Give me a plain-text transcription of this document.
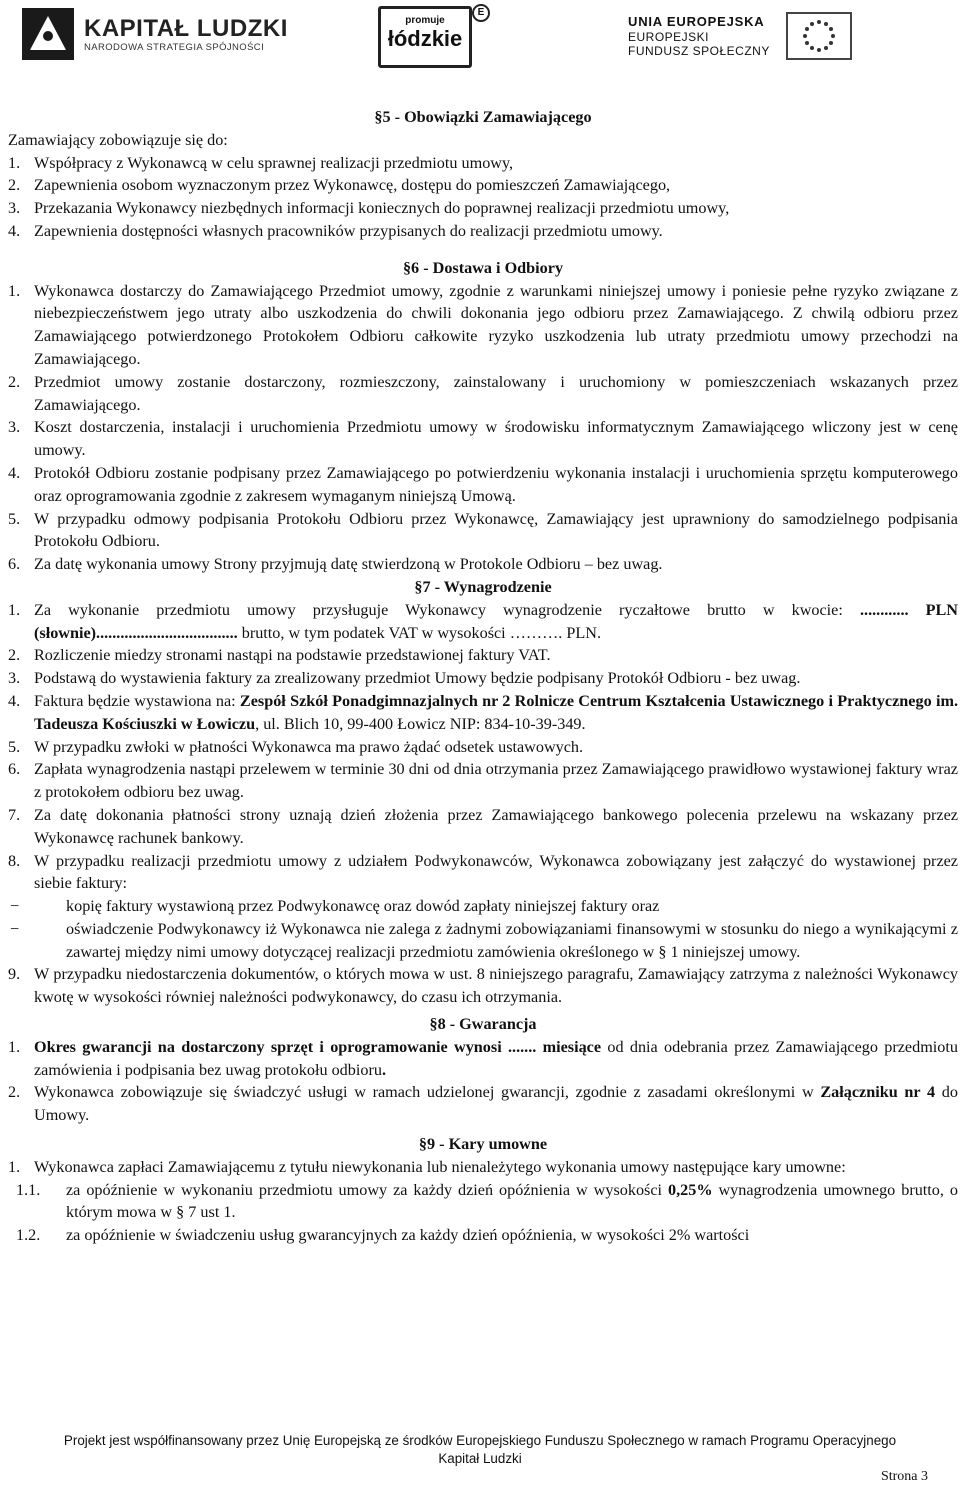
KAPITAŁ LUDZKI
NARODOWA STRATEGIA SPÓJNOŚCI
promuje
łódzkie
E
UNIA EUROPEJSKA
EUROPEJSKI
FUNDUSZ SPOŁECZNY
§5 - Obowiązki Zamawiającego

Zamawiający zobowiązuje się do:

1. Współpracy z Wykonawcą w celu sprawnej realizacji przedmiotu umowy,
2. Zapewnienia osobom wyznaczonym przez Wykonawcę, dostępu do pomieszczeń Zamawiającego,
3. Przekazania Wykonawcy niezbędnych informacji koniecznych do poprawnej realizacji przedmiotu umowy,
4. Zapewnienia dostępności własnych pracowników przypisanych do realizacji przedmiotu umowy.
§6 - Dostawa i Odbiory
1. Wykonawca dostarczy do Zamawiającego Przedmiot umowy, zgodnie z warunkami niniejszej umowy i poniesie pełne ryzyko związane z niebezpieczeństwem jego utraty albo uszkodzenia do chwili dokonania jego odbioru przez Zamawiającego. Z chwilą odbioru przez Zamawiającego potwierdzonego Protokołem Odbioru całkowite ryzyko uszkodzenia lub utraty przedmiotu umowy przechodzi na Zamawiającego.
2. Przedmiot umowy zostanie dostarczony, rozmieszczony, zainstalowany i uruchomiony w pomieszczeniach wskazanych przez Zamawiającego.
3. Koszt dostarczenia, instalacji i uruchomienia Przedmiotu umowy w środowisku informatycznym Zamawiającego wliczony jest w cenę umowy.
4. Protokół Odbioru zostanie podpisany przez Zamawiającego po potwierdzeniu wykonania instalacji i uruchomienia sprzętu komputerowego oraz oprogramowania zgodnie z zakresem wymaganym niniejszą Umową.
5. W przypadku odmowy podpisania Protokołu Odbioru przez Wykonawcę, Zamawiający jest uprawniony do samodzielnego podpisania Protokołu Odbioru.
6. Za datę wykonania umowy Strony przyjmują datę stwierdzoną w Protokole Odbioru – bez uwag.
§7 - Wynagrodzenie
1. Za wykonanie przedmiotu umowy przysługuje Wykonawcy wynagrodzenie ryczałtowe brutto w kwocie: ............ PLN (słownie)................................... brutto, w tym podatek VAT w wysokości ………. PLN.
2. Rozliczenie miedzy stronami nastąpi na podstawie przedstawionej faktury VAT.
3. Podstawą do wystawienia faktury za zrealizowany przedmiot Umowy będzie podpisany Protokół Odbioru - bez uwag.
4. Faktura będzie wystawiona na: Zespół Szkół Ponadgimnazjalnych nr 2 Rolnicze Centrum Kształcenia Ustawicznego i Praktycznego im. Tadeusza Kościuszki w Łowiczu, ul. Blich 10, 99-400 Łowicz NIP: 834-10-39-349.
5. W przypadku zwłoki w płatności Wykonawca ma prawo żądać odsetek ustawowych.
6. Zapłata wynagrodzenia nastąpi przelewem w terminie 30 dni od dnia otrzymania przez Zamawiającego prawidłowo wystawionej faktury wraz z protokołem odbioru bez uwag.
7. Za datę dokonania płatności strony uznają dzień złożenia przez Zamawiającego bankowego polecenia przelewu na wskazany przez Wykonawcę rachunek bankowy.
8. W przypadku realizacji przedmiotu umowy z udziałem Podwykonawców, Wykonawca zobowiązany jest załączyć do wystawionej przez siebie faktury:
−	kopię faktury wystawioną przez Podwykonawcę oraz dowód zapłaty niniejszej faktury oraz
−	oświadczenie Podwykonawcy iż Wykonawca nie zalega z żadnymi zobowiązaniami finansowymi w stosunku do niego a wynikającymi z zawartej między nimi umowy dotyczącej realizacji przedmiotu zamówienia określonego w § 1 niniejszej umowy.
9. W przypadku niedostarczenia dokumentów, o których mowa w ust. 8 niniejszego paragrafu, Zamawiający zatrzyma z należności Wykonawcy kwotę w wysokości równiej należności podwykonawcy, do czasu ich otrzymania.
§8 - Gwarancja
1. Okres gwarancji na dostarczony sprzęt i oprogramowanie wynosi ....... miesiące od dnia odebrania przez Zamawiającego przedmiotu zamówienia i podpisania bez uwag protokołu odbioru.
2. Wykonawca zobowiązuje się świadczyć usługi w ramach udzielonej gwarancji, zgodnie z zasadami określonymi w Załączniku nr 4 do Umowy.
§9 - Kary umowne
1. Wykonawca zapłaci Zamawiającemu z tytułu niewykonania lub nienależytego wykonania umowy następujące kary umowne:
1.1.	za opóźnienie w wykonaniu przedmiotu umowy za każdy dzień opóźnienia w wysokości 0,25% wynagrodzenia umownego brutto, o którym mowa w § 7 ust 1.
1.2.	za opóźnienie w świadczeniu usług gwarancyjnych za każdy dzień opóźnienia, w wysokości 2% wartości
Projekt jest współfinansowany przez Unię Europejską ze środków Europejskiego Funduszu Społecznego w ramach Programu Operacyjnego
Kapitał Ludzki
Strona 3
